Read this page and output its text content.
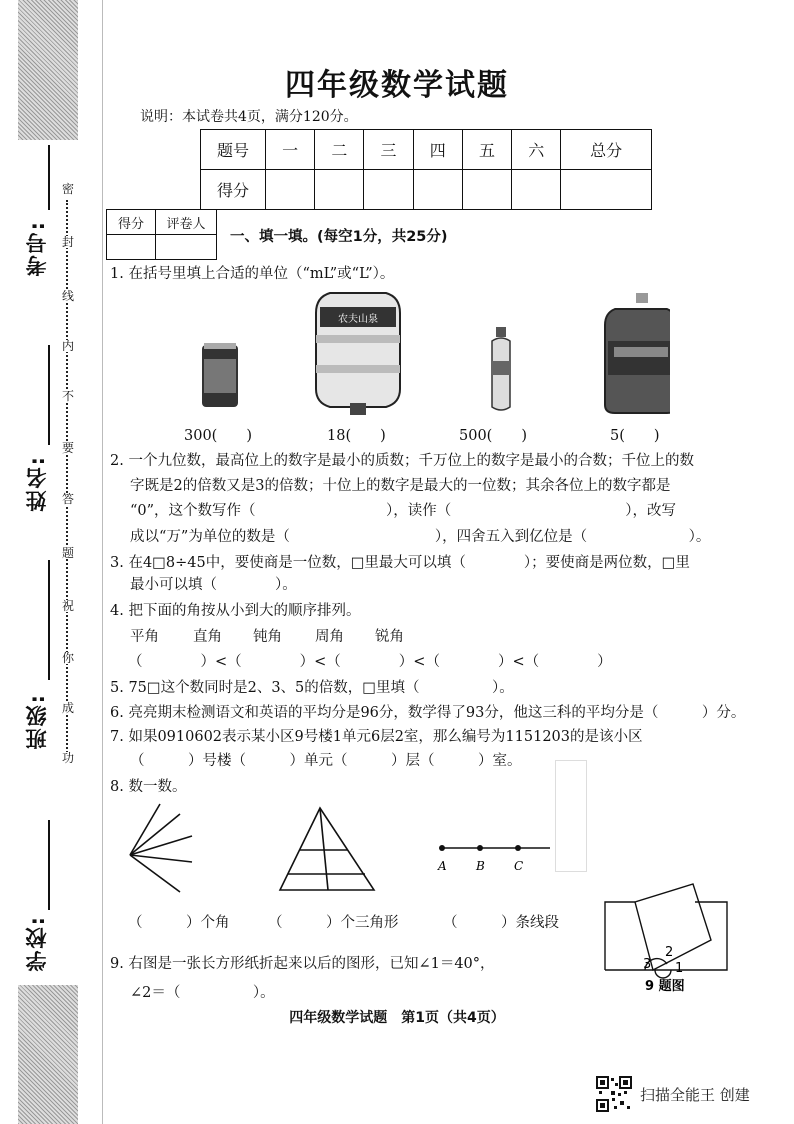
考号:
姓名:
班级:
学校:
密
封
线
内
不
要
答
题
祝
你
成
功
四年级数学试题
说明：本试卷共4页，满分120分。
题号	一	二	三	四	五	六	总分
得分							
得分	评卷人

一、填一填。(每空1分，共25分)
1. 在括号里填上合适的单位（“mL”或“L”）。
农夫山泉
300(　　)	18(　　)	500(　　)	5(　　)
2. 一个九位数，最高位上的数字是最小的质数；千万位上的数字是最小的合数；千位上的数
字既是2的倍数又是3的倍数；十位上的数字是最大的一位数；其余各位上的数字都是
“0”，这个数写作（　　　　　　　　　），读作（　　　　　　　　　　　　），改写
成以“万”为单位的数是（　　　　　　　　　　），四舍五入到亿位是（　　　　　　　）。
3. 在4□8÷45中，要使商是一位数，□里最大可以填（　　　　）；要使商是两位数，□里
最小可以填（　　　　）。
4. 把下面的角按从小到大的顺序排列。
平角 直角 钝角 周角 锐角
（　　　　）<（　　　　）<（　　　　）<（　　　　）<（　　　　）
5. 75□这个数同时是2、3、5的倍数，□里填（　　　　　）。
6. 亮亮期末检测语文和英语的平均分是96分，数学得了93分，他这三科的平均分是（　　　）分。
7. 如果0910602表示某小区9号楼1单元6层2室，那么编号为1151203的是该小区
（　　　）号楼（　　　）单元（　　　）层（　　　）室。
8. 数一数。
A B C
（　　　）个角	（　　　）个三角形	（　　　）条线段
9. 右图是一张长方形纸折起来以后的图形，已知∠1＝40°，
∠2＝（　　　　　）。
1
2
3
9 题图
四年级数学试题　第1页（共4页）
扫描全能王 创建
